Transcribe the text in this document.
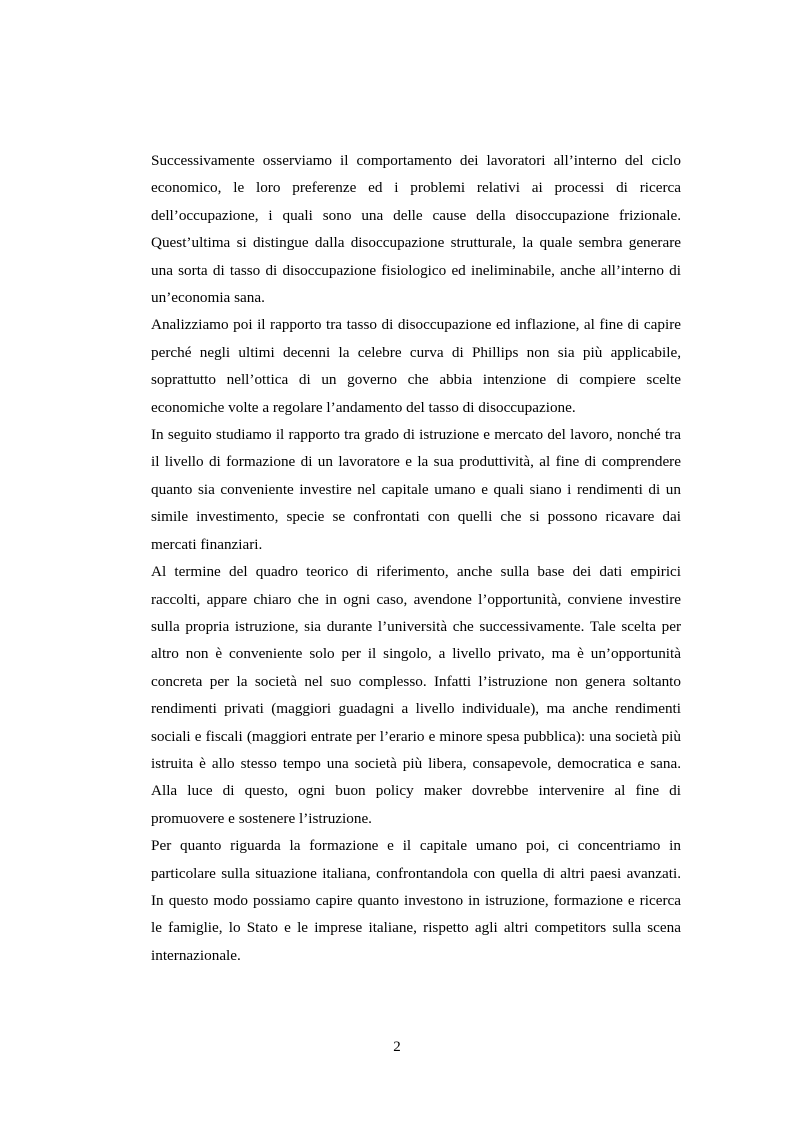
Successivamente osserviamo il comportamento dei lavoratori all’interno del ciclo economico, le loro preferenze ed i problemi relativi ai processi di ricerca dell’occupazione, i quali sono una delle cause della disoccupazione frizionale. Quest’ultima si distingue dalla disoccupazione strutturale, la quale sembra generare una sorta di tasso di disoccupazione fisiologico ed ineliminabile, anche all’interno di un’economia sana.

Analizziamo poi il rapporto tra tasso di disoccupazione ed inflazione, al fine di capire perché negli ultimi decenni la celebre curva di Phillips non sia più applicabile, soprattutto nell’ottica di un governo che abbia intenzione di compiere scelte economiche volte a regolare l’andamento del tasso di disoccupazione.

In seguito studiamo il rapporto tra grado di istruzione e mercato del lavoro, nonché tra il livello di formazione di un lavoratore e la sua produttività, al fine di comprendere quanto sia conveniente investire nel capitale umano e quali siano i rendimenti di un simile investimento, specie se confrontati con quelli che si possono ricavare dai mercati finanziari.

Al termine del quadro teorico di riferimento, anche sulla base dei dati empirici raccolti, appare chiaro che in ogni caso, avendone l’opportunità, conviene investire sulla propria istruzione, sia durante l’università che successivamente. Tale scelta per altro non è conveniente solo per il singolo, a livello privato, ma è un’opportunità concreta per la società nel suo complesso. Infatti l’istruzione non genera soltanto rendimenti privati (maggiori guadagni a livello individuale), ma anche rendimenti sociali e fiscali (maggiori entrate per l’erario e minore spesa pubblica): una società più istruita è allo stesso tempo una società più libera, consapevole, democratica e sana. Alla luce di questo, ogni buon policy maker dovrebbe intervenire al fine di promuovere e sostenere l’istruzione.

Per quanto riguarda la formazione e il capitale umano poi, ci concentriamo in particolare sulla situazione italiana, confrontandola con quella di altri paesi avanzati. In questo modo possiamo capire quanto investono in istruzione, formazione e ricerca le famiglie, lo Stato e le imprese italiane, rispetto agli altri competitors sulla scena internazionale.

2
